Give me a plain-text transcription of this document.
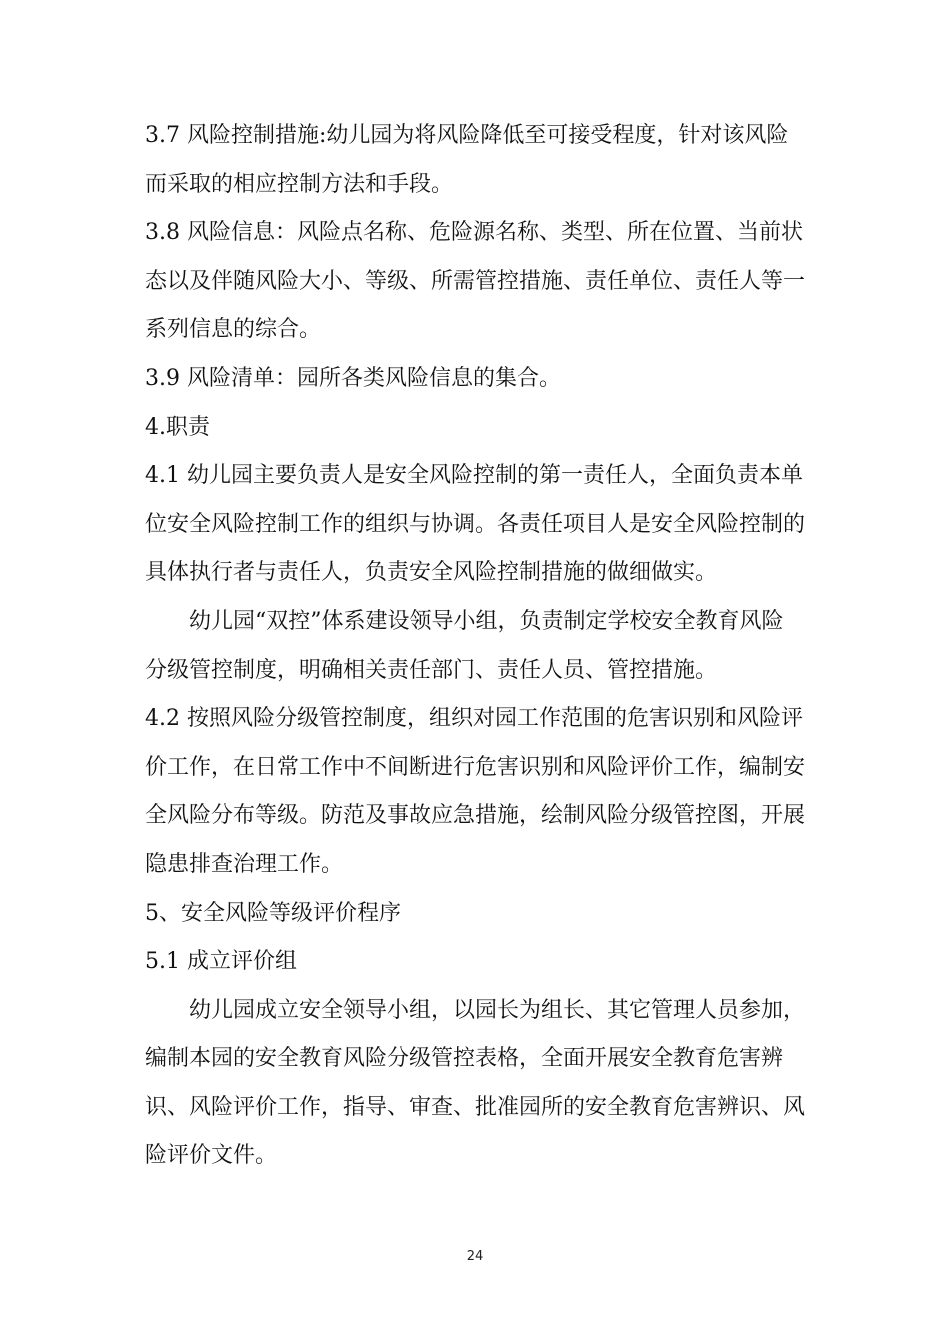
3.7 风险控制措施:幼儿园为将风险降低至可接受程度，针对该风险
而采取的相应控制方法和手段。
3.8 风险信息：风险点名称、危险源名称、类型、所在位置、当前状
态以及伴随风险大小、等级、所需管控措施、责任单位、责任人等一
系列信息的综合。
3.9 风险清单：园所各类风险信息的集合。
4.职责
4.1 幼儿园主要负责人是安全风险控制的第一责任人，全面负责本单
位安全风险控制工作的组织与协调。各责任项目人是安全风险控制的
具体执行者与责任人，负责安全风险控制措施的做细做实。
幼儿园“双控”体系建设领导小组，负责制定学校安全教育风险
分级管控制度，明确相关责任部门、责任人员、管控措施。
4.2 按照风险分级管控制度，组织对园工作范围的危害识别和风险评
价工作，在日常工作中不间断进行危害识别和风险评价工作，编制安
全风险分布等级。防范及事故应急措施，绘制风险分级管控图，开展
隐患排查治理工作。
5、安全风险等级评价程序
5.1 成立评价组
幼儿园成立安全领导小组，以园长为组长、其它管理人员参加，
编制本园的安全教育风险分级管控表格，全面开展安全教育危害辨
识、风险评价工作，指导、审查、批准园所的安全教育危害辨识、风
险评价文件。
24
